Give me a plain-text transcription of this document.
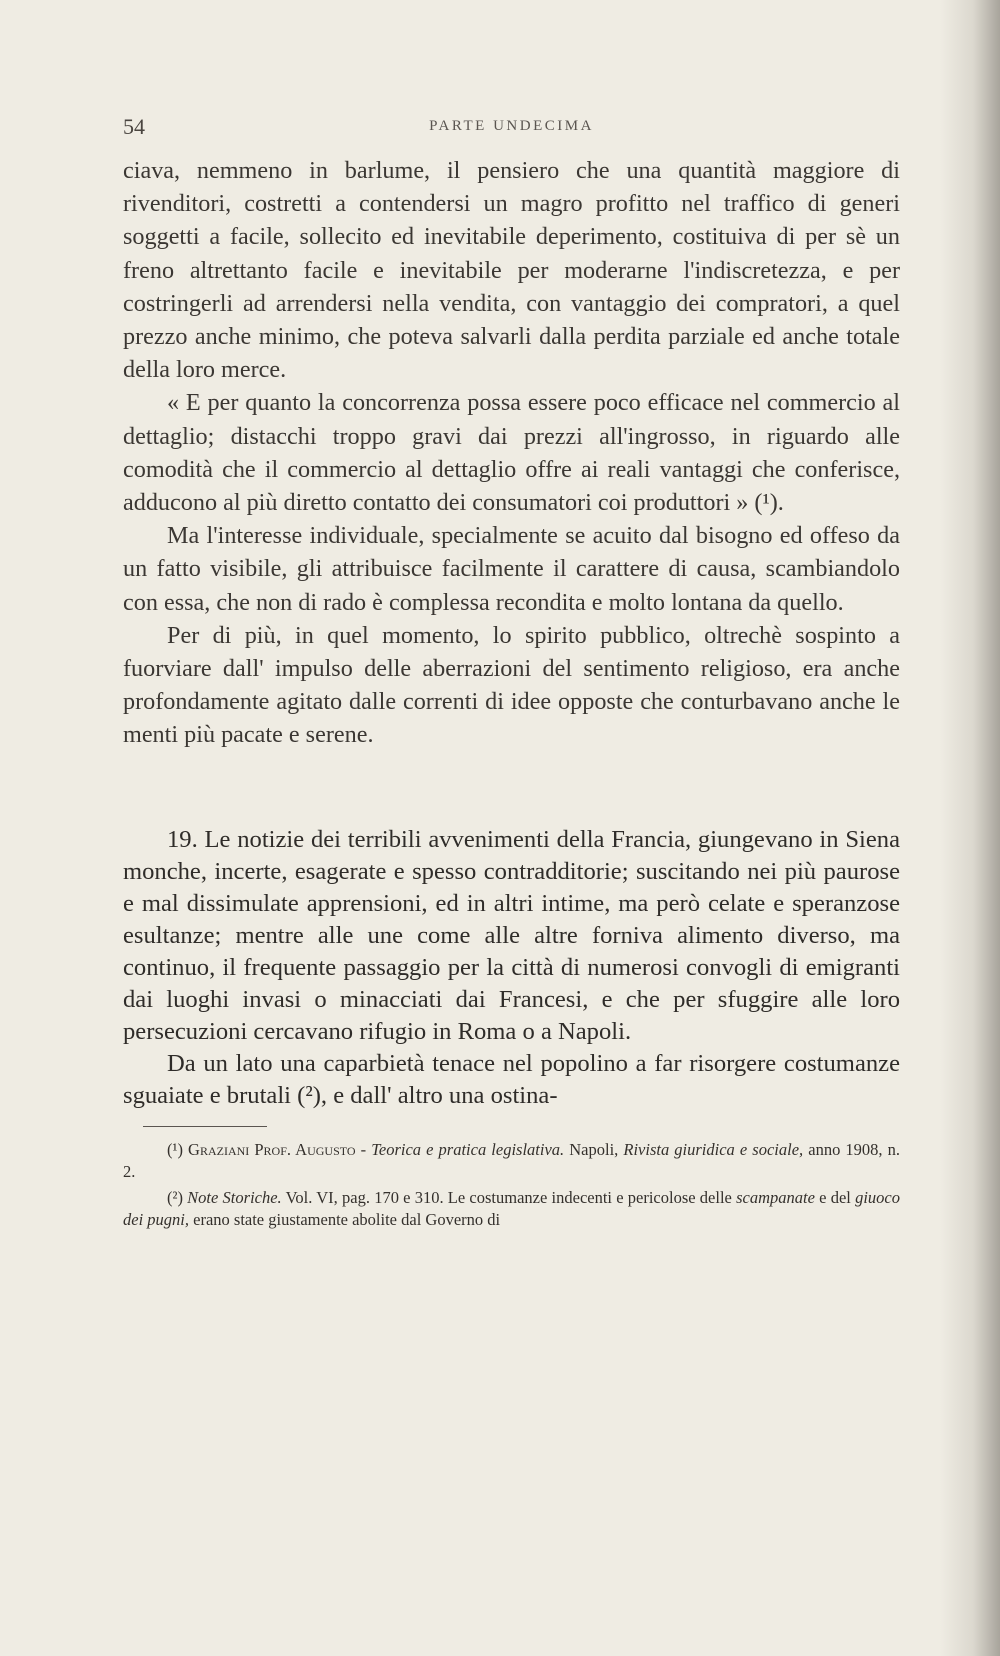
54	PARTE UNDECIMA

ciava, nemmeno in barlume, il pensiero che una quantità maggiore di rivenditori, costretti a contendersi un magro profitto nel traffico di generi soggetti a facile, sollecito ed inevitabile deperimento, costituiva di per sè un freno altrettanto facile e inevitabile per moderarne l'indiscretezza, e per costringerli ad arrendersi nella vendita, con vantaggio dei compratori, a quel prezzo anche minimo, che poteva salvarli dalla perdita parziale ed anche totale della loro merce.

« E per quanto la concorrenza possa essere poco efficace nel commercio al dettaglio; distacchi troppo gravi dai prezzi all'ingrosso, in riguardo alle comodità che il commercio al dettaglio offre ai reali vantaggi che conferisce, adducono al più diretto contatto dei consumatori coi produttori » (¹).

Ma l'interesse individuale, specialmente se acuito dal bisogno ed offeso da un fatto visibile, gli attribuisce facilmente il carattere di causa, scambiandolo con essa, che non di rado è complessa recondita e molto lontana da quello.

Per di più, in quel momento, lo spirito pubblico, oltrechè sospinto a fuorviare dall' impulso delle aberrazioni del sentimento religioso, era anche profondamente agitato dalle correnti di idee opposte che conturbavano anche le menti più pacate e serene.

19. Le notizie dei terribili avvenimenti della Francia, giungevano in Siena monche, incerte, esagerate e spesso contradditorie; suscitando nei più paurose e mal dissimulate apprensioni, ed in altri intime, ma però celate e speranzose esultanze; mentre alle une come alle altre forniva alimento diverso, ma continuo, il frequente passaggio per la città di numerosi convogli di emigranti dai luoghi invasi o minacciati dai Francesi, e che per sfuggire alle loro persecuzioni cercavano rifugio in Roma o a Napoli.

Da un lato una caparbietà tenace nel popolino a far risorgere costumanze sguaiate e brutali (²), e dall' altro una ostina-

(¹) Graziani Prof. Augusto - Teorica e pratica legislativa. Napoli, Rivista giuridica e sociale, anno 1908, n. 2.

(²) Note Storiche. Vol. VI, pag. 170 e 310. Le costumanze indecenti e pericolose delle scampanate e del giuoco dei pugni, erano state giustamente abolite dal Governo di
